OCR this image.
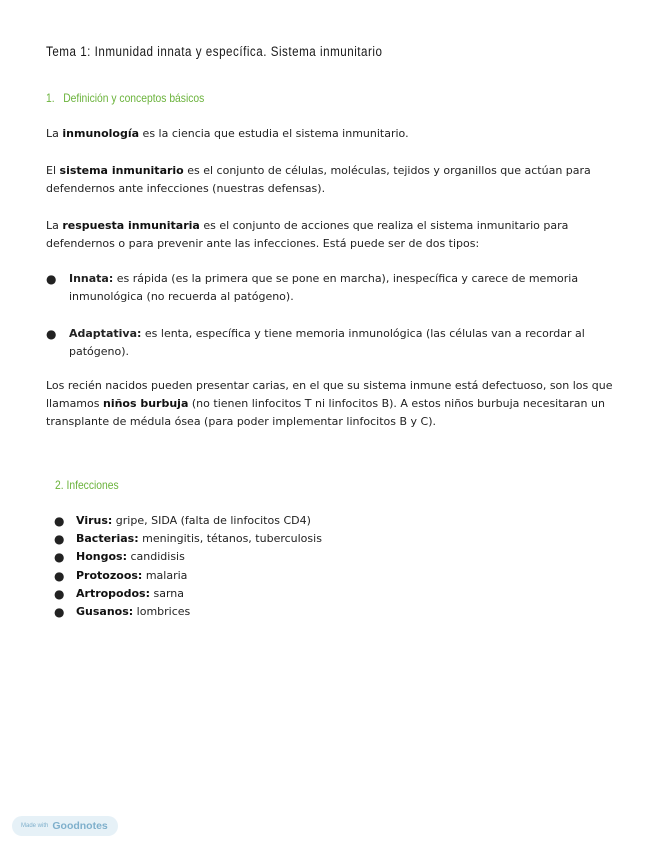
Tema 1: Inmunidad innata y específica. Sistema inmunitario
1. Definición y conceptos básicos
La inmunología es la ciencia que estudia el sistema inmunitario.
El sistema inmunitario es el conjunto de células, moléculas, tejidos y organillos que actúan para defendernos ante infecciones (nuestras defensas).
La respuesta inmunitaria es el conjunto de acciones que realiza el sistema inmunitario para defendernos o para prevenir ante las infecciones. Está puede ser de dos tipos:
● Innata: es rápida (es la primera que se pone en marcha), inespecífica y carece de memoria inmunológica (no recuerda al patógeno).
● Adaptativa: es lenta, específica y tiene memoria inmunológica (las células van a recordar al patógeno).
Los recién nacidos pueden presentar carias, en el que su sistema inmune está defectuoso, son los que llamamos niños burbuja (no tienen linfocitos T ni linfocitos B). A estos niños burbuja necesitaran un transplante de médula ósea (para poder implementar linfocitos B y C).
2. Infecciones
● Virus: gripe, SIDA (falta de linfocitos CD4)
● Bacterias: meningitis, tétanos, tuberculosis
● Hongos: candidisis
● Protozoos: malaria
● Artropodos: sarna
● Gusanos: lombrices
Made with Goodnotes
